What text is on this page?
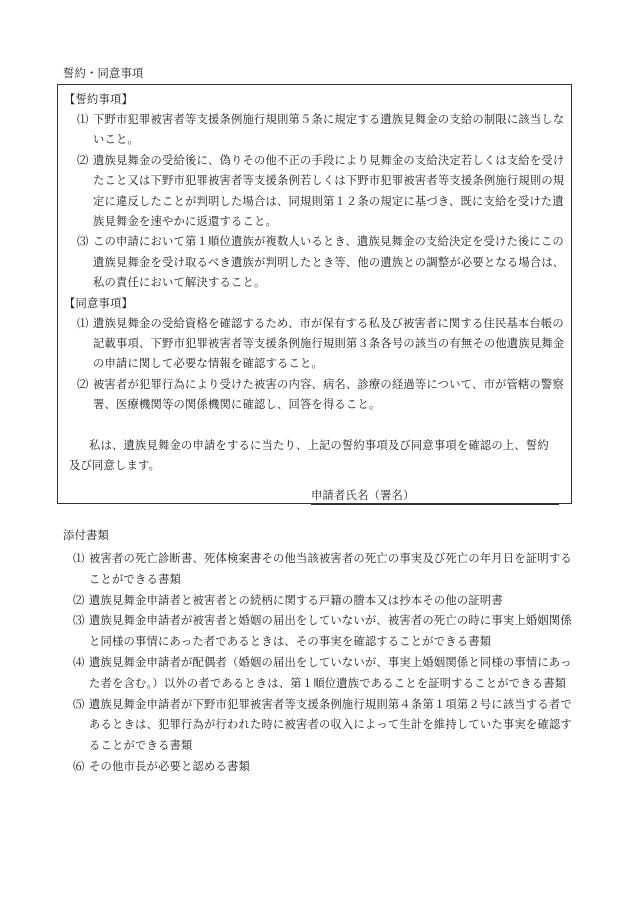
誓約・同意事項
【誓約事項】
⑴ 下野市犯罪被害者等支援条例施行規則第５条に規定する遺族見舞金の支給の制限に該当しないこと。
⑵ 遺族見舞金の受給後に、偽りその他不正の手段により見舞金の支給決定若しくは支給を受けたこと又は下野市犯罪被害者等支援条例若しくは下野市犯罪被害者等支援条例施行規則の規定に違反したことが判明した場合は、同規則第１２条の規定に基づき、既に支給を受けた遺族見舞金を速やかに返還すること。
⑶ この申請において第１順位遺族が複数人いるとき、遺族見舞金の支給決定を受けた後にこの遺族見舞金を受け取るべき遺族が判明したとき等、他の遺族との調整が必要となる場合は、私の責任において解決すること。
【同意事項】
⑴ 遺族見舞金の受給資格を確認するため、市が保有する私及び被害者に関する住民基本台帳の記載事項、下野市犯罪被害者等支援条例施行規則第３条各号の該当の有無その他遺族見舞金の申請に関して必要な情報を確認すること。
⑵ 被害者が犯罪行為により受けた被害の内容、病名、診療の経過等について、市が管轄の警察署、医療機関等の関係機関に確認し、回答を得ること。
私は、遺族見舞金の申請をするに当たり、上記の誓約事項及び同意事項を確認の上、誓約及び同意します。
申請者氏名（署名）
添付書類
⑴ 被害者の死亡診断書、死体検案書その他当該被害者の死亡の事実及び死亡の年月日を証明することができる書類
⑵ 遺族見舞金申請者と被害者との続柄に関する戸籍の謄本又は抄本その他の証明書
⑶ 遺族見舞金申請者が被害者と婚姻の届出をしていないが、被害者の死亡の時に事実上婚姻関係と同様の事情にあった者であるときは、その事実を確認することができる書類
⑷ 遺族見舞金申請者が配偶者（婚姻の届出をしていないが、事実上婚姻関係と同様の事情にあった者を含む。）以外の者であるときは、第１順位遺族であることを証明することができる書類
⑸ 遺族見舞金申請者が下野市犯罪被害者等支援条例施行規則第４条第１項第２号に該当する者であるときは、犯罪行為が行われた時に被害者の収入によって生計を維持していた事実を確認することができる書類
⑹ その他市長が必要と認める書類
